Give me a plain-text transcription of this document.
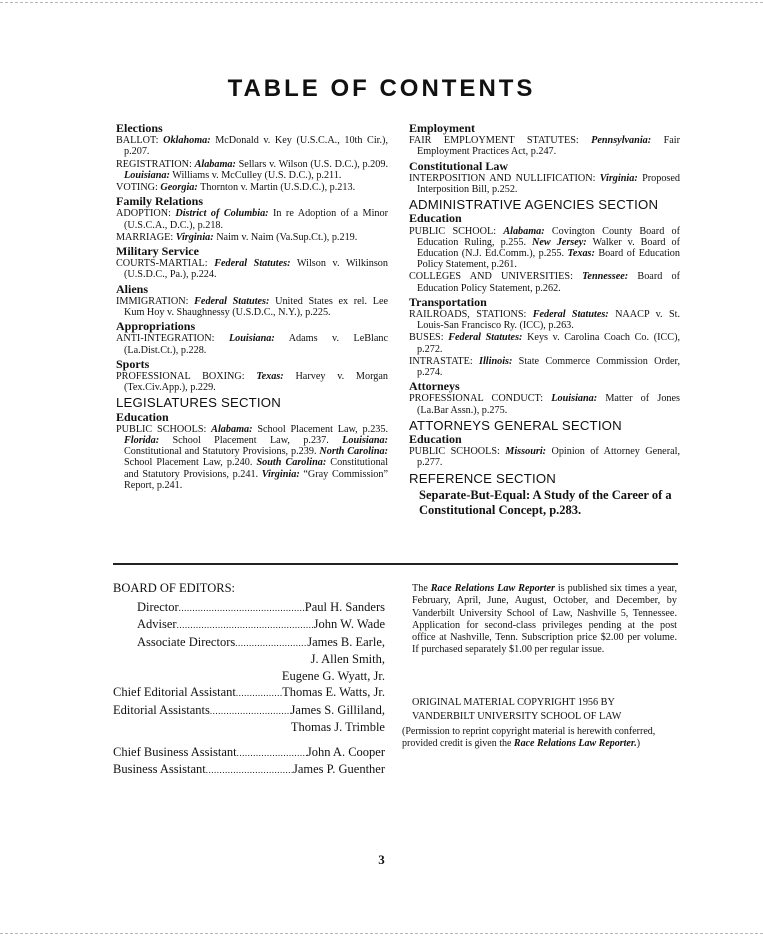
TABLE OF CONTENTS
Elections
BALLOT: Oklahoma: McDonald v. Key (U.S.C.A., 10th Cir.), p.207.
REGISTRATION: Alabama: Sellars v. Wilson (U.S. D.C.), p.209. Louisiana: Williams v. McCulley (U.S. D.C.), p.211.
VOTING: Georgia: Thornton v. Martin (U.S.D.C.), p.213.
Family Relations
ADOPTION: District of Columbia: In re Adoption of a Minor (U.S.C.A., D.C.), p.218.
MARRIAGE: Virginia: Naim v. Naim (Va.Sup.Ct.), p.219.
Military Service
COURTS-MARTIAL: Federal Statutes: Wilson v. Wilkinson (U.S.D.C., Pa.), p.224.
Aliens
IMMIGRATION: Federal Statutes: United States ex rel. Lee Kum Hoy v. Shaughnessy (U.S.D.C., N.Y.), p.225.
Appropriations
ANTI-INTEGRATION: Louisiana: Adams v. LeBlanc (La.Dist.Ct.), p.228.
Sports
PROFESSIONAL BOXING: Texas: Harvey v. Morgan (Tex.Civ.App.), p.229.
LEGISLATURES SECTION
Education
PUBLIC SCHOOLS: Alabama: School Placement Law, p.235. Florida: School Placement Law, p.237. Louisiana: Constitutional and Statutory Provisions, p.239. North Carolina: School Placement Law, p.240. South Carolina: Constitutional and Statutory Provisions, p.241. Virginia: “Gray Commission” Report, p.241.
Employment
FAIR EMPLOYMENT STATUTES: Pennsylvania: Fair Employment Practices Act, p.247.
Constitutional Law
INTERPOSITION AND NULLIFICATION: Virginia: Proposed Interposition Bill, p.252.
ADMINISTRATIVE AGENCIES SECTION
Education
PUBLIC SCHOOL: Alabama: Covington County Board of Education Ruling, p.255. New Jersey: Walker v. Board of Education (N.J. Ed.Comm.), p.255. Texas: Board of Education Policy Statement, p.261.
COLLEGES AND UNIVERSITIES: Tennessee: Board of Education Policy Statement, p.262.
Transportation
RAILROADS, STATIONS: Federal Statutes: NAACP v. St. Louis-San Francisco Ry. (ICC), p.263.
BUSES: Federal Statutes: Keys v. Carolina Coach Co. (ICC), p.272.
INTRASTATE: Illinois: State Commerce Commission Order, p.274.
Attorneys
PROFESSIONAL CONDUCT: Louisiana: Matter of Jones (La.Bar Assn.), p.275.
ATTORNEYS GENERAL SECTION
Education
PUBLIC SCHOOLS: Missouri: Opinion of Attorney General, p.277.
REFERENCE SECTION
Separate-But-Equal: A Study of the Career of a Constitutional Concept, p.283.
BOARD OF EDITORS:
Director .....	Paul H. Sanders
Adviser .....	John W. Wade
Associate Directors .....	James B. Earle,
J. Allen Smith,
Eugene G. Wyatt, Jr.
Chief Editorial Assistant .....	Thomas E. Watts, Jr.
Editorial Assistants .....	James S. Gilliland,
Thomas J. Trimble
Chief Business Assistant .....	John A. Cooper
Business Assistant .....	James P. Guenther
The Race Relations Law Reporter is published six times a year, February, April, June, August, October, and December, by Vanderbilt University School of Law, Nashville 5, Tennessee. Application for second-class privileges pending at the post office at Nashville, Tenn. Subscription price $2.00 per volume. If purchased separately $1.00 per regular issue.
ORIGINAL MATERIAL COPYRIGHT 1956 BY
VANDERBILT UNIVERSITY SCHOOL OF LAW
(Permission to reprint copyright material is herewith conferred, provided credit is given the Race Relations Law Reporter.)
3
